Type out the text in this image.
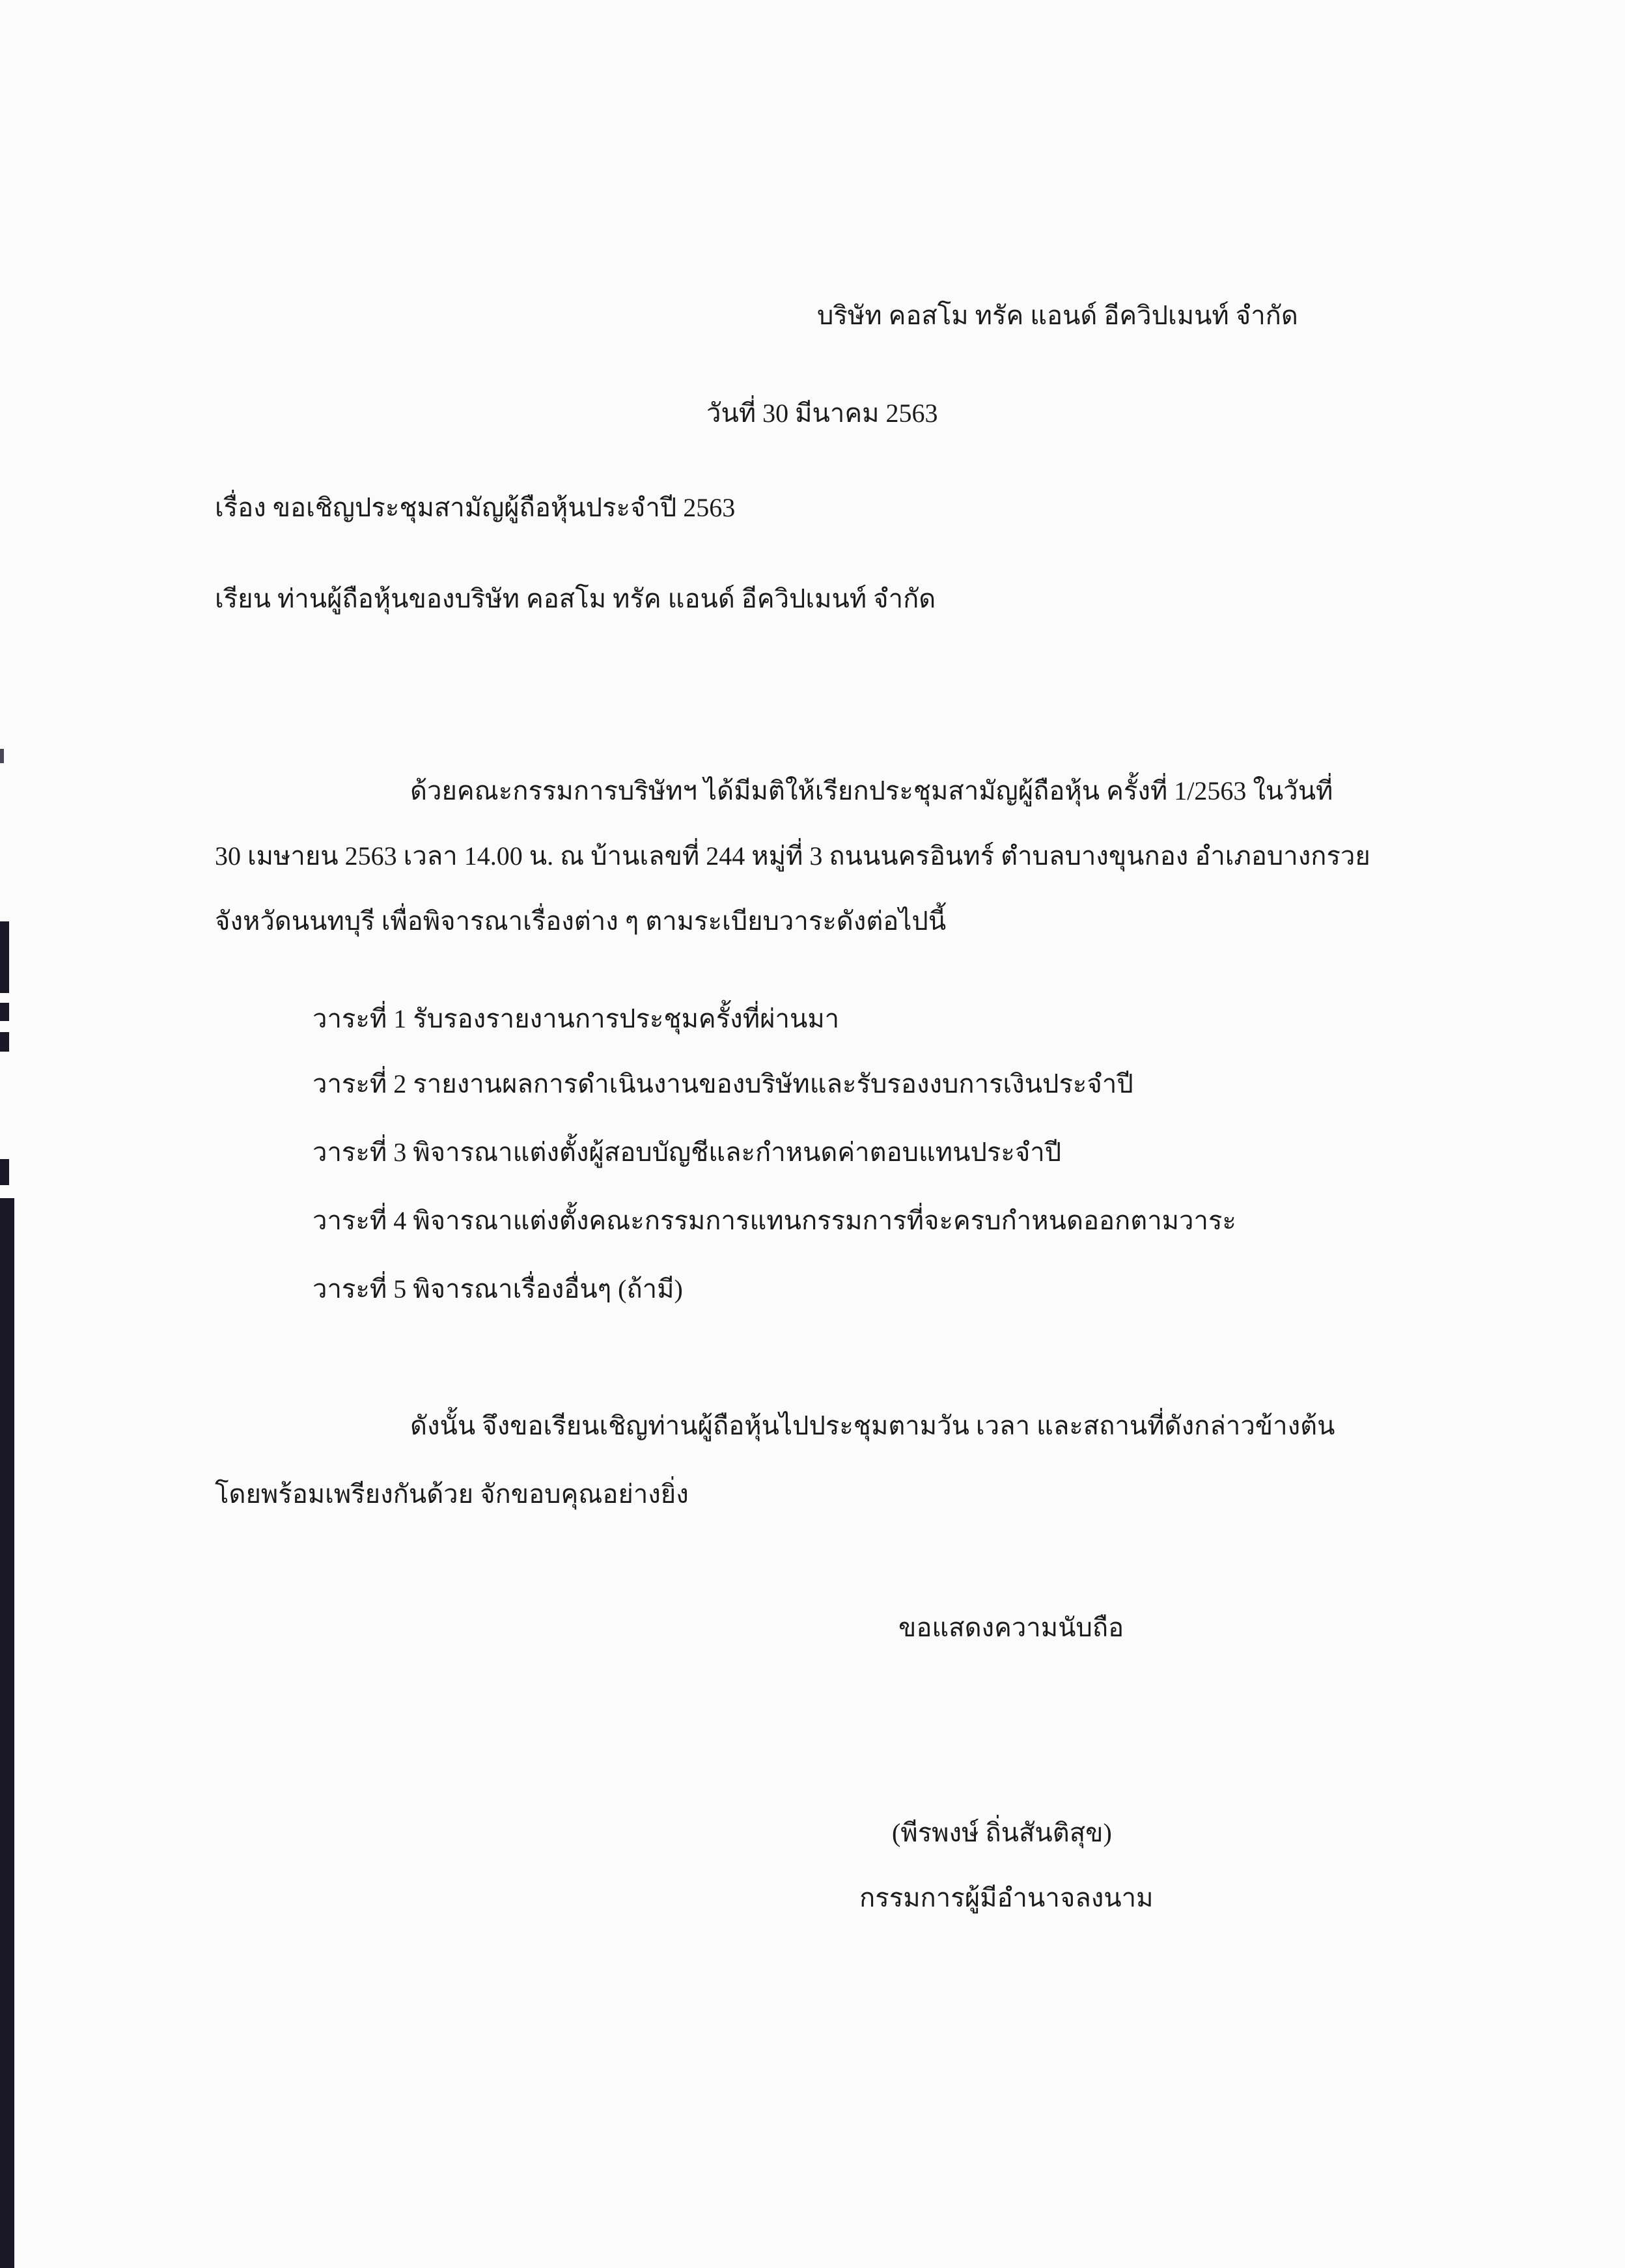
บริษัท คอสโม ทรัค แอนด์ อีควิปเมนท์ จำกัด
วันที่ 30 มีนาคม 2563
เรื่อง ขอเชิญประชุมสามัญผู้ถือหุ้นประจำปี 2563
เรียน ท่านผู้ถือหุ้นของบริษัท คอสโม ทรัค แอนด์ อีควิปเมนท์ จำกัด
ด้วยคณะกรรมการบริษัทฯ ได้มีมติให้เรียกประชุมสามัญผู้ถือหุ้น ครั้งที่ 1/2563 ในวันที่
30 เมษายน 2563 เวลา 14.00 น. ณ บ้านเลขที่ 244 หมู่ที่ 3 ถนนนครอินทร์ ตำบลบางขุนกอง อำเภอบางกรวย
จังหวัดนนทบุรี เพื่อพิจารณาเรื่องต่าง ๆ ตามระเบียบวาระดังต่อไปนี้
วาระที่ 1 รับรองรายงานการประชุมครั้งที่ผ่านมา
วาระที่ 2 รายงานผลการดำเนินงานของบริษัทและรับรองงบการเงินประจำปี
วาระที่ 3 พิจารณาแต่งตั้งผู้สอบบัญชีและกำหนดค่าตอบแทนประจำปี
วาระที่ 4 พิจารณาแต่งตั้งคณะกรรมการแทนกรรมการที่จะครบกำหนดออกตามวาระ
วาระที่ 5 พิจารณาเรื่องอื่นๆ (ถ้ามี)
ดังนั้น จึงขอเรียนเชิญท่านผู้ถือหุ้นไปประชุมตามวัน เวลา และสถานที่ดังกล่าวข้างต้น
โดยพร้อมเพรียงกันด้วย จักขอบคุณอย่างยิ่ง
ขอแสดงความนับถือ
(พีรพงษ์ ถิ่นสันติสุข)
กรรมการผู้มีอำนาจลงนาม
